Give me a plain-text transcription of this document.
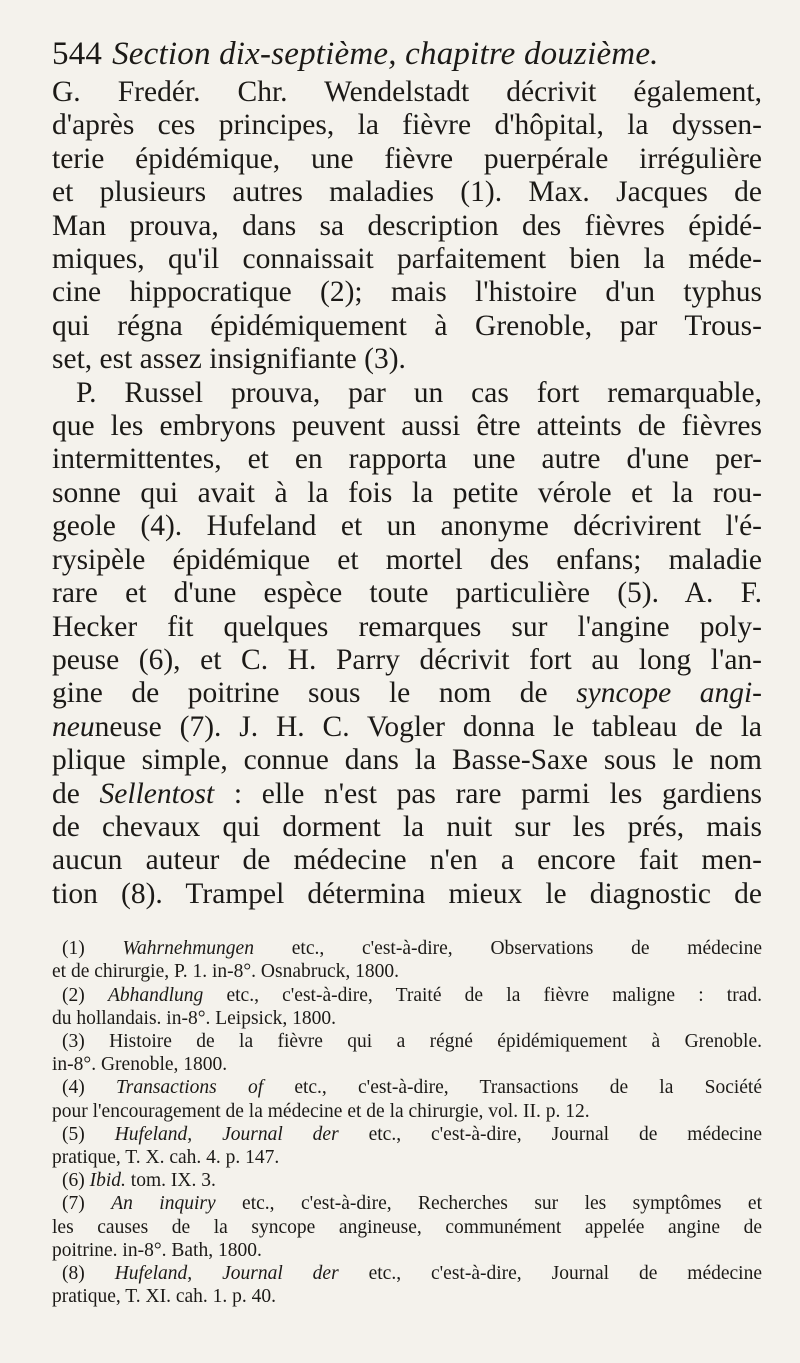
544 Section dix-septième, chapitre douzième.

G. Fredér. Chr. Wendelstadt décrivit également,
d'après ces principes, la fièvre d'hôpital, la dyssen-
terie épidémique, une fièvre puerpérale irrégulière
et plusieurs autres maladies (1). Max. Jacques de
Man prouva, dans sa description des fièvres épidé-
miques, qu'il connaissait parfaitement bien la méde-
cine hippocratique (2); mais l'histoire d'un typhus
qui régna épidémiquement à Grenoble, par Trous-
set, est assez insignifiante (3).

P. Russel prouva, par un cas fort remarquable,
que les embryons peuvent aussi être atteints de fièvres
intermittentes, et en rapporta une autre d'une per-
sonne qui avait à la fois la petite vérole et la rou-
geole (4). Hufeland et un anonyme décrivirent l'é-
rysipèle épidémique et mortel des enfans; maladie
rare et d'une espèce toute particulière (5). A. F.
Hecker fit quelques remarques sur l'angine poly-
peuse (6), et C. H. Parry décrivit fort au long l'an-
gine de poitrine sous le nom de syncope angi-
neuneuse (7). J. H. C. Vogler donna le tableau de la
plique simple, connue dans la Basse-Saxe sous le nom
de Sellentost : elle n'est pas rare parmi les gardiens
de chevaux qui dorment la nuit sur les prés, mais
aucun auteur de médecine n'en a encore fait men-
tion (8). Trampel détermina mieux le diagnostic de

(1) Wahrnehmungen etc., c'est-à-dire, Observations de médecine
et de chirurgie, P. 1. in-8°. Osnabruck, 1800.

(2) Abhandlung etc., c'est-à-dire, Traité de la fièvre maligne : trad.
du hollandais. in-8°. Leipsick, 1800.

(3) Histoire de la fièvre qui a régné épidémiquement à Grenoble.
in-8°. Grenoble, 1800.

(4) Transactions of etc., c'est-à-dire, Transactions de la Société
pour l'encouragement de la médecine et de la chirurgie, vol. II. p. 12.

(5) Hufeland, Journal der etc., c'est-à-dire, Journal de médecine
pratique, T. X. cah. 4. p. 147.

(6) Ibid. tom. IX. 3.

(7) An inquiry etc., c'est-à-dire, Recherches sur les symptômes et
les causes de la syncope angineuse, communément appelée angine de
poitrine. in-8°. Bath, 1800.

(8) Hufeland, Journal der etc., c'est-à-dire, Journal de médecine
pratique, T. XI. cah. 1. p. 40.
